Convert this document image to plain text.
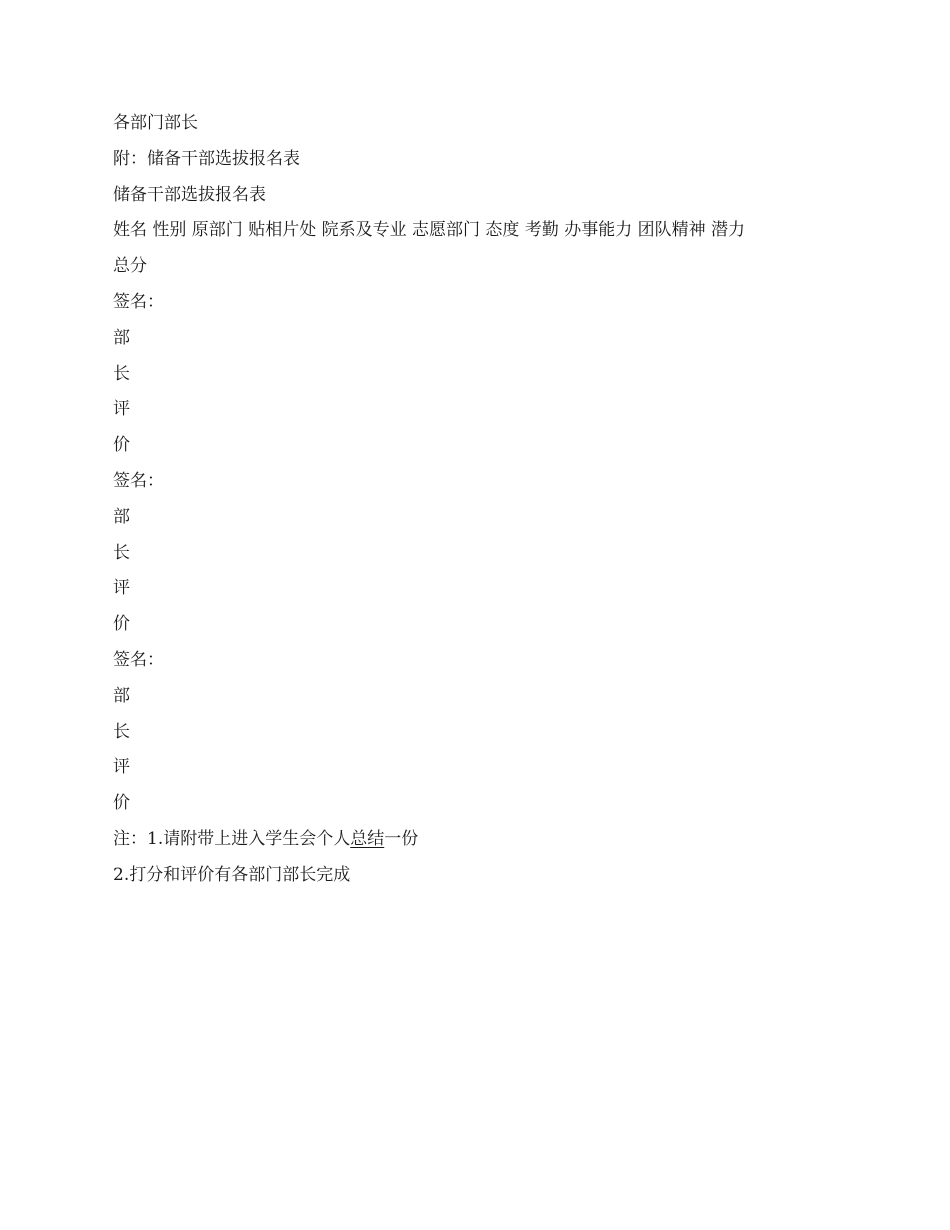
各部门部长
附：储备干部选拔报名表
储备干部选拔报名表
姓名 性别 原部门 贴相片处 院系及专业 志愿部门 态度 考勤 办事能力 团队精神 潜力
总分
签名：
部
长
评
价
签名：
部
长
评
价
签名：
部
长
评
价
注：1.请附带上进入学生会个人总结一份
2.打分和评价有各部门部长完成
